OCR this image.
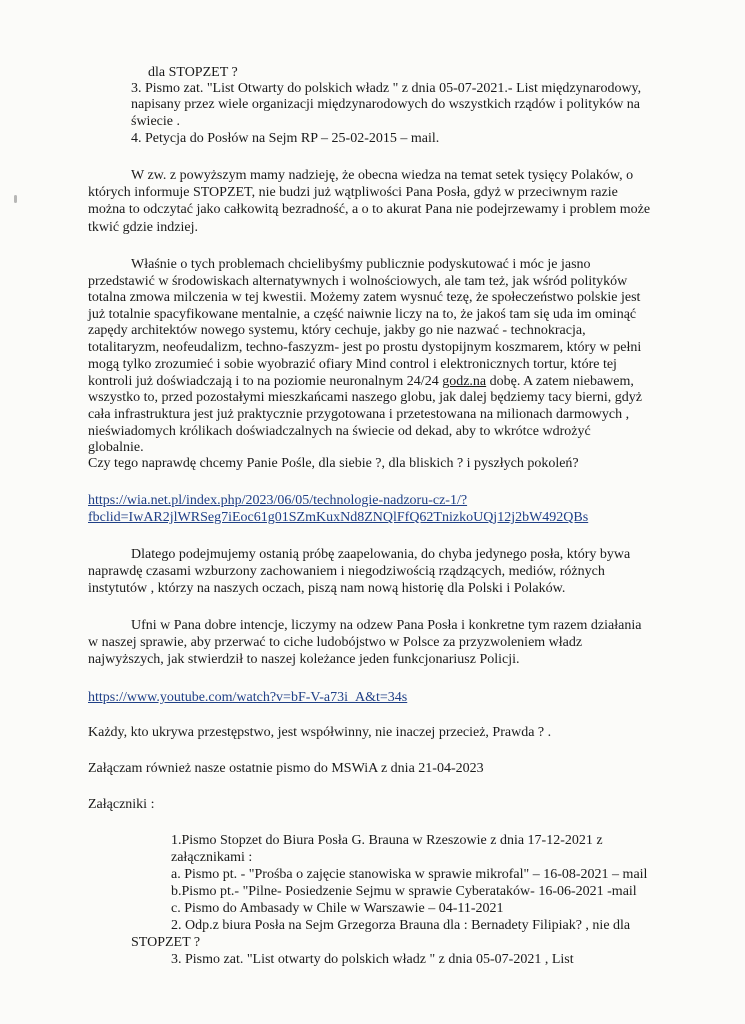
dla STOPZET ?
3. Pismo zat. "List Otwarty do polskich władz " z dnia 05-07-2021.- List międzynarodowy,
napisany przez wiele organizacji międzynarodowych do wszystkich rządów i polityków na
świecie .
4. Petycja do Posłów na Sejm RP – 25-02-2015 – mail.
W zw. z powyższym mamy nadzieję, że obecna wiedza na temat setek tysięcy Polaków, o
których informuje STOPZET, nie budzi już wątpliwości Pana Posła, gdyż w przeciwnym razie
można to odczytać jako całkowitą bezradność, a o to akurat Pana nie podejrzewamy i problem może
tkwić gdzie indziej.
Właśnie o tych problemach chcielibyśmy publicznie podyskutować i móc je jasno
przedstawić w środowiskach alternatywnych i wolnościowych, ale tam też, jak wśród polityków
totalna zmowa milczenia w tej kwestii. Możemy zatem wysnuć tezę, że społeczeństwo polskie jest
już totalnie spacyfikowane mentalnie, a część naiwnie liczy na to, że jakoś tam się uda im ominąć
zapędy architektów nowego systemu, który cechuje, jakby go nie nazwać - technokracja,
totalitaryzm, neofeudalizm, techno-faszyzm- jest po prostu dystopijnym koszmarem, który w pełni
mogą tylko zrozumieć i sobie wyobrazić ofiary Mind control i elektronicznych tortur, które tej
kontroli już doświadczają i to na poziomie neuronalnym 24/24 godz.na dobę. A zatem niebawem,
wszystko to, przed pozostałymi mieszkańcami naszego globu, jak dalej będziemy tacy bierni, gdyż
cała infrastruktura jest już praktycznie przygotowana i przetestowana na milionach darmowych ,
nieświadomych królikach doświadczalnych na świecie od dekad, aby to wkrótce wdrożyć
globalnie.
Czy tego naprawdę chcemy Panie Pośle, dla siebie ?, dla bliskich ? i pyszłych pokoleń?
https://wia.net.pl/index.php/2023/06/05/technologie-nadzoru-cz-1/?
fbclid=IwAR2jlWRSeg7iEoc61g01SZmKuxNd8ZNQlFfQ62TnizkoUQj12j2bW492QBs
Dlatego podejmujemy ostanią próbę zaapelowania, do chyba jedynego posła, który bywa
naprawdę czasami wzburzony zachowaniem i niegodziwością rządzących, mediów, różnych
instytutów , którzy na naszych oczach, piszą nam nową historię dla Polski i Polaków.
Ufni w Pana dobre intencje, liczymy na odzew Pana Posła i konkretne tym razem działania
w naszej sprawie, aby przerwać to ciche ludobójstwo w Polsce za przyzwoleniem władz
najwyższych, jak stwierdził to naszej koleżance jeden funkcjonariusz Policji.
https://www.youtube.com/watch?v=bF-V-a73i_A&t=34s
Każdy, kto ukrywa przestępstwo, jest współwinny, nie inaczej przecież, Prawda ? .
Załączam również nasze ostatnie pismo do MSWiA z dnia 21-04-2023
Załączniki :
1.Pismo Stopzet do Biura Posła G. Brauna w Rzeszowie z dnia 17-12-2021 z
załącznikami :
a. Pismo pt. - "Prośba o zajęcie stanowiska w sprawie mikrofal" – 16-08-2021 – mail
b.Pismo pt.- "Pilne- Posiedzenie Sejmu w sprawie Cyberataków- 16-06-2021 -mail
c. Pismo do Ambasady w Chile w Warszawie – 04-11-2021
2. Odp.z biura Posła na Sejm Grzegorza Brauna dla : Bernadety Filipiak? , nie dla
STOPZET ?
3. Pismo zat. "List otwarty do polskich władz " z dnia 05-07-2021 , List
